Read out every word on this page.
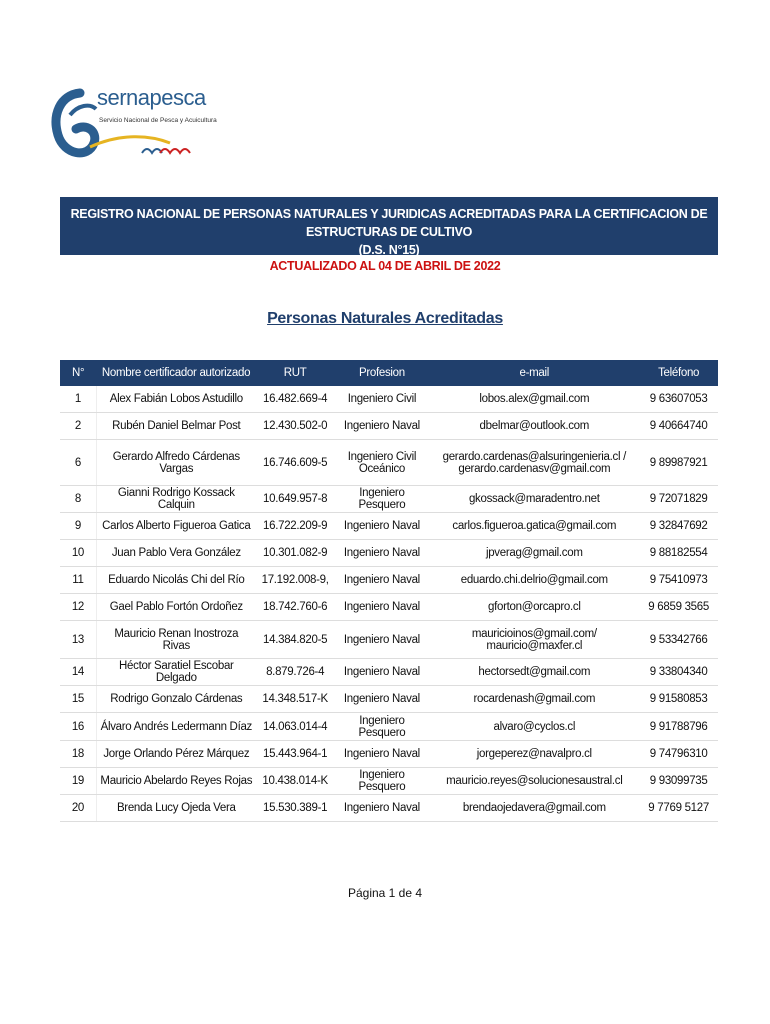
sernapesca
Servicio Nacional de Pesca y Acuicultura
REGISTRO NACIONAL DE PERSONAS NATURALES Y JURIDICAS ACREDITADAS PARA LA CERTIFICACION DE ESTRUCTURAS DE CULTIVO
(D.S. N°15)
ACTUALIZADO AL 04 DE ABRIL DE 2022
Personas Naturales Acreditadas
N°	Nombre certificador autorizado	RUT	Profesion	e-mail	Teléfono
1	Alex Fabián Lobos Astudillo	16.482.669-4	Ingeniero Civil	lobos.alex@gmail.com	9 63607053
2	Rubén Daniel Belmar Post	12.430.502-0	Ingeniero Naval	dbelmar@outlook.com	9 40664740
6	Gerardo Alfredo Cárdenas Vargas	16.746.609-5	Ingeniero Civil Oceánico	gerardo.cardenas@alsuringenieria.cl / gerardo.cardenasv@gmail.com	9 89987921
8	Gianni Rodrigo Kossack Calquin	10.649.957-8	Ingeniero Pesquero	gkossack@maradentro.net	9 72071829
9	Carlos Alberto Figueroa Gatica	16.722.209-9	Ingeniero Naval	carlos.figueroa.gatica@gmail.com	9 32847692
10	Juan Pablo Vera González	10.301.082-9	Ingeniero Naval	jpverag@gmail.com	9 88182554
11	Eduardo Nicolás Chi del Río	17.192.008-9,	Ingeniero Naval	eduardo.chi.delrio@gmail.com	9 75410973
12	Gael Pablo Fortón Ordoñez	18.742.760-6	Ingeniero Naval	gforton@orcapro.cl	9 6859 3565
13	Mauricio Renan Inostroza Rivas	14.384.820-5	Ingeniero Naval	mauricioinos@gmail.com/ mauricio@maxfer.cl	9 53342766
14	Héctor Saratiel Escobar Delgado	8.879.726-4	Ingeniero Naval	hectorsedt@gmail.com	9 33804340
15	Rodrigo Gonzalo Cárdenas	14.348.517-K	Ingeniero Naval	rocardenash@gmail.com	9 91580853
16	Álvaro Andrés Ledermann Díaz	14.063.014-4	Ingeniero Pesquero	alvaro@cyclos.cl	9 91788796
18	Jorge Orlando Pérez Márquez	15.443.964-1	Ingeniero Naval	jorgeperez@navalpro.cl	9 74796310
19	Mauricio Abelardo Reyes Rojas	10.438.014-K	Ingeniero Pesquero	mauricio.reyes@solucionesaustral.cl	9 93099735
20	Brenda Lucy Ojeda Vera	15.530.389-1	Ingeniero Naval	brendaojedavera@gmail.com	9 7769 5127
Página 1 de 4
